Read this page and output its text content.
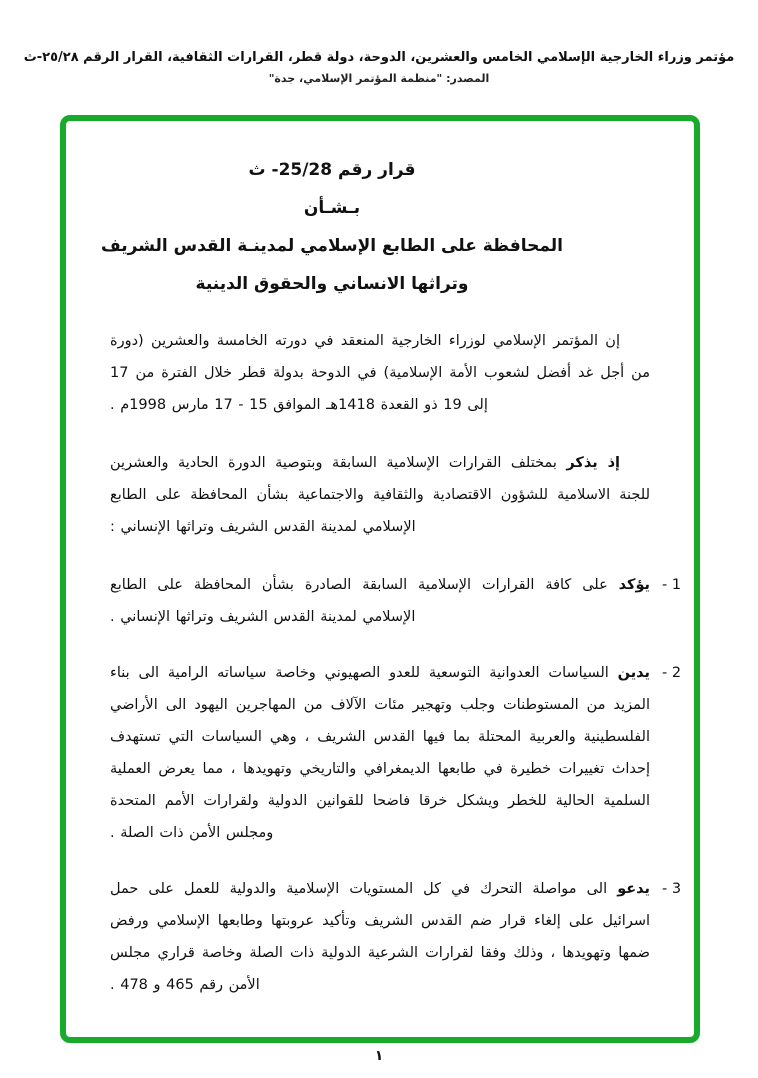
مؤتمر وزراء الخارجية الإسلامي الخامس والعشرين، الدوحة، دولة قطر، القرارات الثقافية، القرار الرقم ٢٥/٢٨-ث
المصدر: "منظمة المؤتمر الإسلامي، جدة"
قرار رقم 25/28- ث
بـشـأن
المحافظة على الطابع الإسلامي لمدينـة القدس الشريف
وتراثها الانساني والحقوق الدينية

إن المؤتمر الإسلامي لوزراء الخارجية المنعقد في دورته الخامسة والعشرين (دورة من أجل غد أفضل لشعوب الأمة الإسلامية) في الدوحة بدولة قطر خلال الفترة من 17 إلى 19 ذو القعدة 1418هـ الموافق 15 - 17 مارس 1998م .

إذ يذكر بمختلف القرارات الإسلامية السابقة وبتوصية الدورة الحادية والعشرين للجنة الاسلامية للشؤون الاقتصادية والثقافية والاجتماعية بشأن المحافظة على الطابع الإسلامي لمدينة القدس الشريف وتراثها الإنساني :

1 -
يؤكد على كافة القرارات الإسلامية السابقة الصادرة بشأن المحافظة على الطابع الإسلامي لمدينة القدس الشريف وتراثها الإنساني .
2 -
يدين السياسات العدوانية التوسعية للعدو الصهيوني وخاصة سياساته الرامية الى بناء المزيد من المستوطنات وجلب وتهجير مئات الآلاف من المهاجرين اليهود الى الأراضي الفلسطينية والعربية المحتلة بما فيها القدس الشريف ، وهي السياسات التي تستهدف إحداث تغييرات خطيرة في طابعها الديمغرافي والتاريخي وتهويدها ، مما يعرض العملية السلمية الحالية للخطر ويشكل خرقا فاضحا للقوانين الدولية ولقرارات الأمم المتحدة ومجلس الأمن ذات الصلة .
3 -
يدعو الى مواصلة التحرك في كل المستويات الإسلامية والدولية للعمل على حمل اسرائيل على إلغاء قرار ضم القدس الشريف وتأكيد عروبتها وطابعها الإسلامي ورفض ضمها وتهويدها ، وذلك وفقا لقرارات الشرعية الدولية ذات الصلة وخاصة قراري مجلس الأمن رقم 465 و 478 .
١
